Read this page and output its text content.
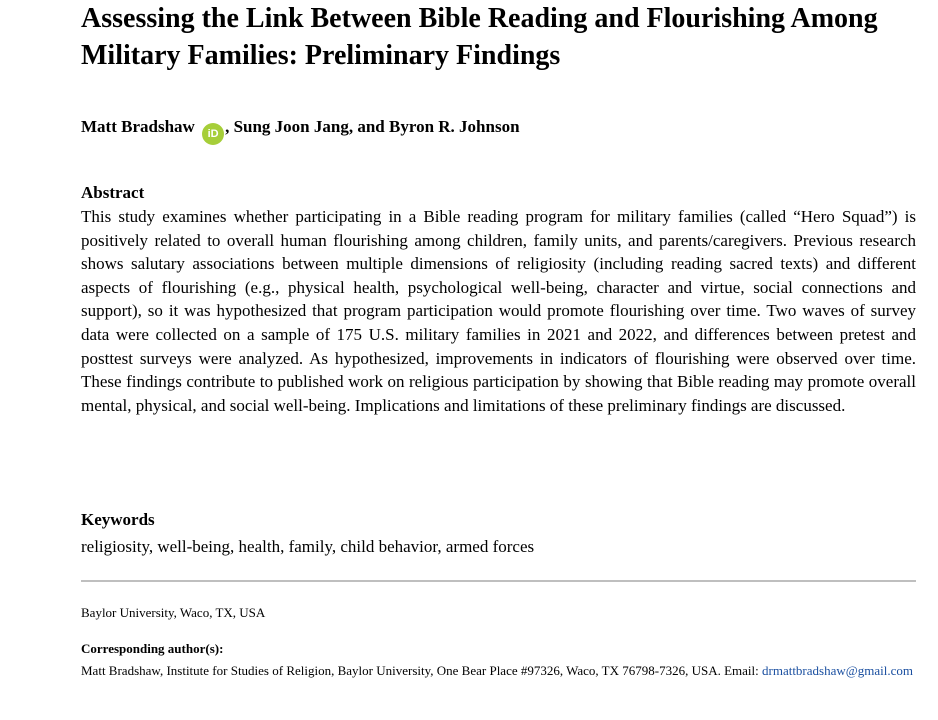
Assessing the Link Between Bible Reading and Flourishing Among Military Families: Preliminary Findings
Matt Bradshaw iD , Sung Joon Jang, and Byron R. Johnson
Abstract

This study examines whether participating in a Bible reading program for military families (called “Hero Squad”) is positively related to overall human flourishing among children, family units, and parents/caregivers. Previous research shows salutary associations between multiple dimensions of religiosity (including reading sacred texts) and different aspects of flourishing (e.g., physical health, psychological well-being, character and virtue, social connections and support), so it was hypothesized that program participation would promote flourishing over time. Two waves of survey data were collected on a sample of 175 U.S. military families in 2021 and 2022, and differences between pretest and posttest surveys were analyzed. As hypothesized, improvements in indicators of flourishing were observed over time. These findings contribute to published work on religious participation by showing that Bible reading may promote overall mental, physical, and social well-being. Implications and limitations of these preliminary findings are discussed.

Keywords
religiosity, well-being, health, family, child behavior, armed forces
Baylor University, Waco, TX, USA
Corresponding author(s):

Matt Bradshaw, Institute for Studies of Religion, Baylor University, One Bear Place #97326, Waco, TX 76798-7326, USA. Email: drmattbradshaw@gmail.com
